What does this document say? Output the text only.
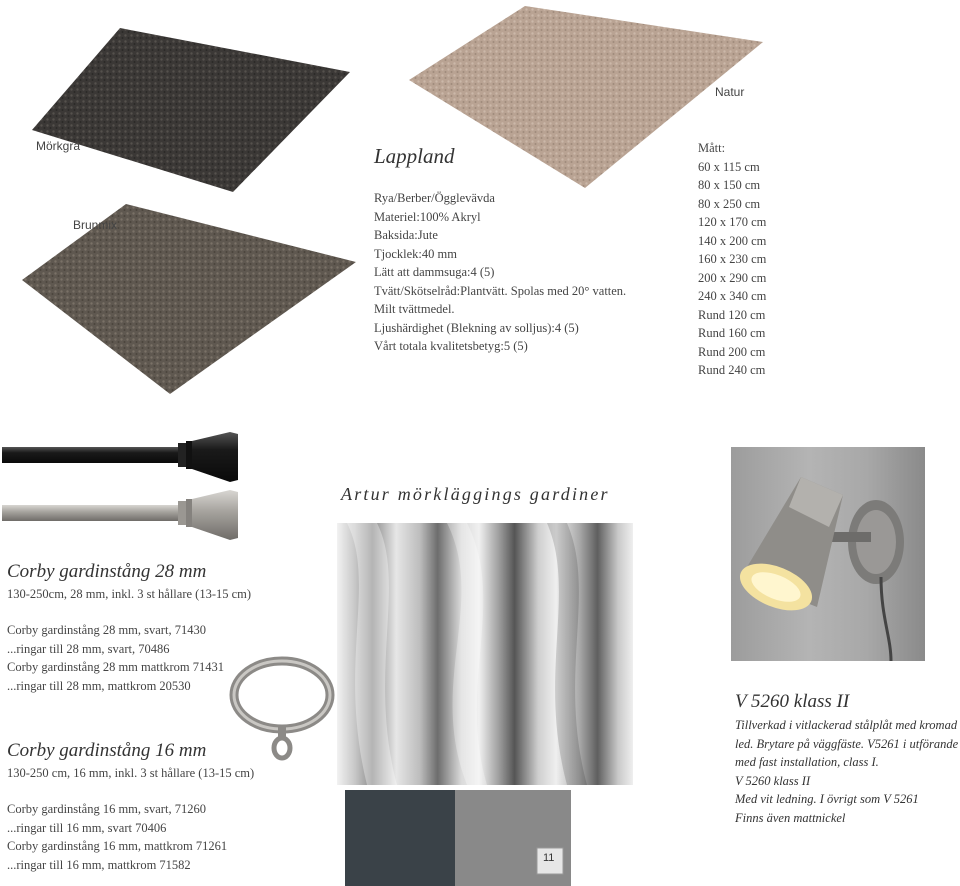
Mörkgrå
Natur
Brunmix
Lappland
Rya/Berber/Ögglevävda
Materiel:100% Akryl
Baksida:Jute
Tjocklek:40 mm
Lätt att dammsuga:4 (5)
Tvätt/Skötselråd:Plantvätt. Spolas med 20° vatten.
Milt tvättmedel.
Ljushärdighet (Blekning av solljus):4 (5)
Vårt totala kvalitetsbetyg:5 (5)
Mått:
60 x 115 cm
80 x 150 cm
80 x 250 cm
120 x 170 cm
140 x 200 cm
160 x 230 cm
200 x 290 cm
240 x 340 cm
Rund 120 cm
Rund 160 cm
Rund 200 cm
Rund 240 cm
Artur mörkläggings gardiner
11
Corby gardinstång 28 mm
130-250cm, 28 mm, inkl. 3 st hållare (13-15 cm)
Corby gardinstång 28 mm, svart, 71430
...ringar till 28 mm, svart, 70486
Corby gardinstång 28 mm mattkrom 71431
...ringar till 28 mm, mattkrom 20530
Corby gardinstång 16 mm
130-250 cm, 16 mm, inkl. 3 st hållare (13-15 cm)
Corby gardinstång 16 mm, svart, 71260
...ringar till 16 mm, svart 70406
Corby gardinstång 16 mm, mattkrom 71261
...ringar till 16 mm, mattkrom 71582
V 5260 klass II
Tillverkad i vitlackerad stålplåt med kromad
led. Brytare på väggfäste. V5261 i utförande
med fast installation, class I.
V 5260 klass II
Med vit ledning. I övrigt som V 5261
Finns även mattnickel
